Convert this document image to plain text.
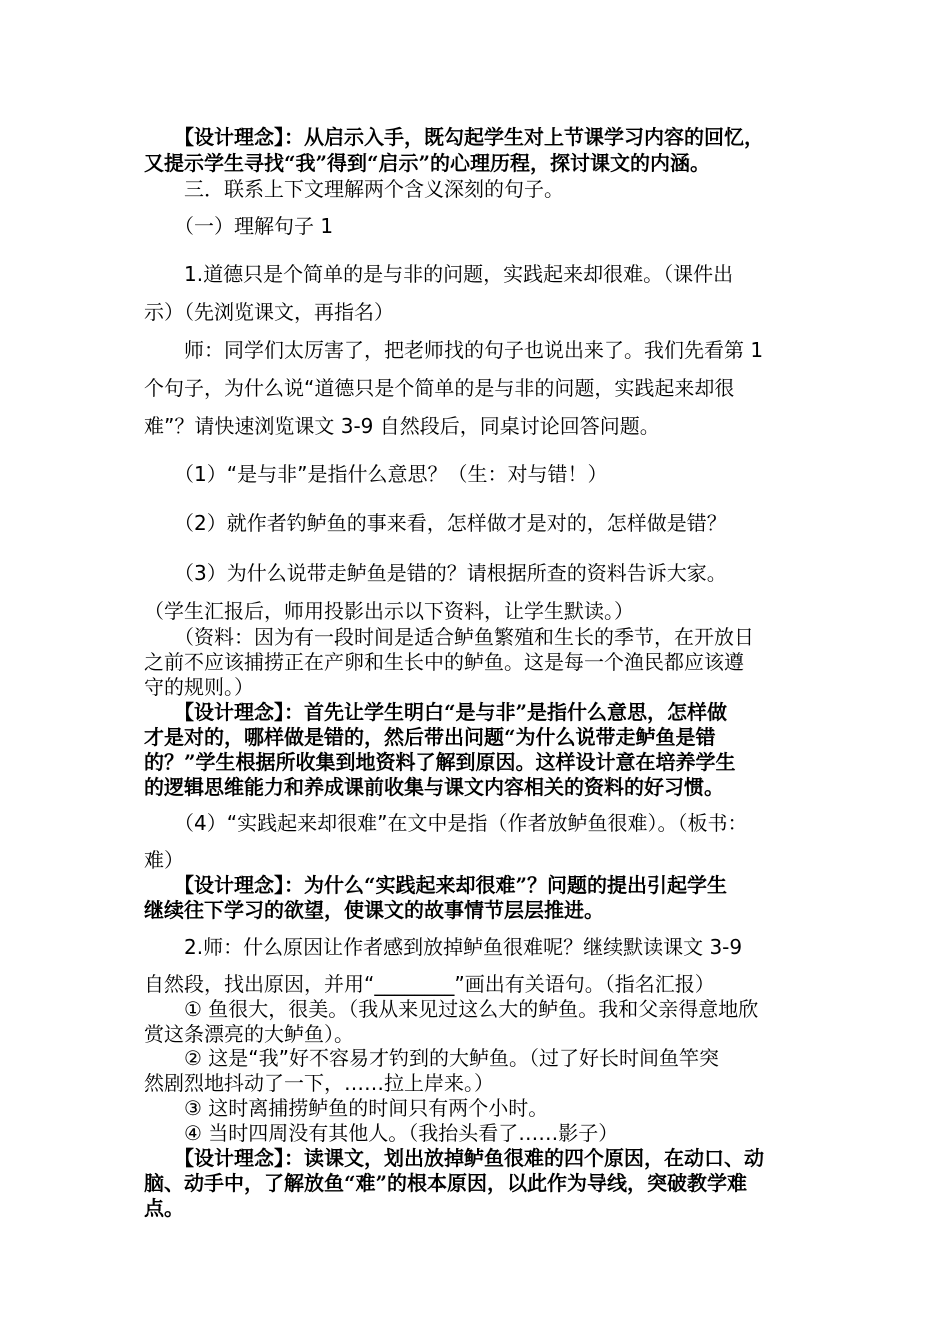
　　【设计理念】：从启示入手，既勾起学生对上节课学习内容的回忆，
又提示学生寻找“我”得到“启示”的心理历程，探讨课文的内涵。
　　三．联系上下文理解两个含义深刻的句子。
　　（一）理解句子 1
　　1.道德只是个简单的是与非的问题，实践起来却很难。（课件出
示）（先浏览课文，再指名）
　　师：同学们太厉害了，把老师找的句子也说出来了。我们先看第 1
个句子，为什么说“道德只是个简单的是与非的问题，实践起来却很
难”？请快速浏览课文 3-9 自然段后，同桌讨论回答问题。
　　（1）“是与非”是指什么意思？（生：对与错！）
　　（2）就作者钓鲈鱼的事来看，怎样做才是对的，怎样做是错？
　　（3）为什么说带走鲈鱼是错的？请根据所查的资料告诉大家。
（学生汇报后，师用投影出示以下资料，让学生默读。）
　　（资料：因为有一段时间是适合鲈鱼繁殖和生长的季节，在开放日
之前不应该捕捞正在产卵和生长中的鲈鱼。这是每一个渔民都应该遵
守的规则。）
　　【设计理念】：首先让学生明白“是与非”是指什么意思，怎样做
才是对的，哪样做是错的，然后带出问题“为什么说带走鲈鱼是错
的？”学生根据所收集到地资料了解到原因。这样设计意在培养学生
的逻辑思维能力和养成课前收集与课文内容相关的资料的好习惯。
　　（4）“实践起来却很难”在文中是指（作者放鲈鱼很难）。（板书：
难）
　　【设计理念】：为什么“实践起来却很难”？问题的提出引起学生
继续往下学习的欲望，使课文的故事情节层层推进。
　　2.师：什么原因让作者感到放掉鲈鱼很难呢？继续默读课文 3-9
自然段，找出原因，并用“________”画出有关语句。（指名汇报）
　　① 鱼很大，很美。（我从来见过这么大的鲈鱼。我和父亲得意地欣
赏这条漂亮的大鲈鱼）。
　　② 这是“我”好不容易才钓到的大鲈鱼。（过了好长时间鱼竿突
然剧烈地抖动了一下，……拉上岸来。）
　　③ 这时离捕捞鲈鱼的时间只有两个小时。
　　④ 当时四周没有其他人。（我抬头看了……影子）
　　【设计理念】：读课文，划出放掉鲈鱼很难的四个原因，在动口、动
脑、动手中，了解放鱼“难”的根本原因，以此作为导线，突破教学难
点。
